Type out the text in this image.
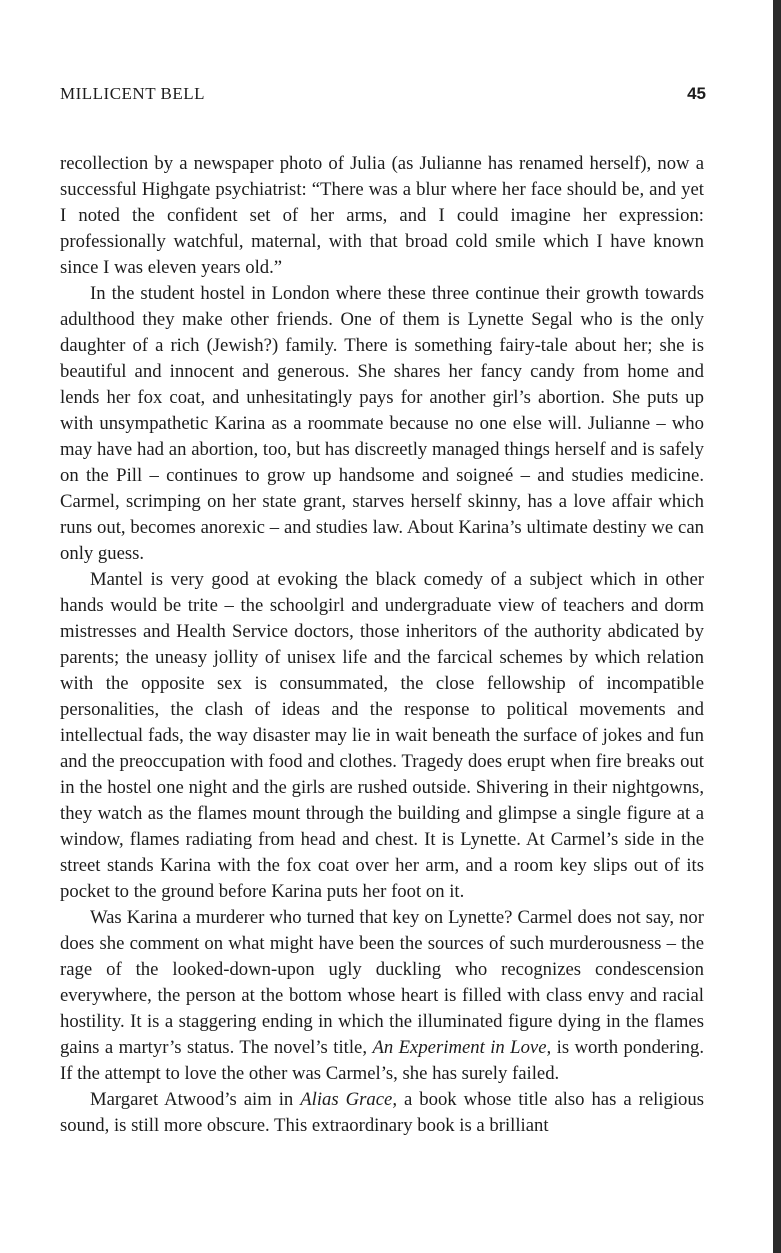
MILLICENT BELL	45

recollection by a newspaper photo of Julia (as Julianne has renamed herself), now a successful Highgate psychiatrist: “There was a blur where her face should be, and yet I noted the confident set of her arms, and I could imagine her expression: professionally watchful, maternal, with that broad cold smile which I have known since I was eleven years old.”

In the student hostel in London where these three continue their growth towards adulthood they make other friends. One of them is Lynette Segal who is the only daughter of a rich (Jewish?) family. There is something fairy-tale about her; she is beautiful and innocent and generous. She shares her fancy candy from home and lends her fox coat, and unhesitatingly pays for another girl’s abortion. She puts up with unsympathetic Karina as a roommate because no one else will. Julianne – who may have had an abortion, too, but has discreetly managed things herself and is safely on the Pill – continues to grow up handsome and soigneé – and studies medicine. Carmel, scrimping on her state grant, starves herself skinny, has a love affair which runs out, becomes anorexic – and studies law. About Karina’s ultimate destiny we can only guess.

Mantel is very good at evoking the black comedy of a subject which in other hands would be trite – the schoolgirl and undergraduate view of teachers and dorm mistresses and Health Service doctors, those inheritors of the authority abdicated by parents; the uneasy jollity of unisex life and the farcical schemes by which relation with the opposite sex is consummated, the close fellowship of incompatible personalities, the clash of ideas and the response to political movements and intellectual fads, the way disaster may lie in wait beneath the surface of jokes and fun and the preoccupation with food and clothes. Tragedy does erupt when fire breaks out in the hostel one night and the girls are rushed outside. Shivering in their nightgowns, they watch as the flames mount through the building and glimpse a single figure at a window, flames radiating from head and chest. It is Lynette. At Carmel’s side in the street stands Karina with the fox coat over her arm, and a room key slips out of its pocket to the ground before Karina puts her foot on it.

Was Karina a murderer who turned that key on Lynette? Carmel does not say, nor does she comment on what might have been the sources of such murderousness – the rage of the looked-down-upon ugly duckling who recognizes condescension everywhere, the person at the bottom whose heart is filled with class envy and racial hostility. It is a staggering ending in which the illuminated figure dying in the flames gains a martyr’s status. The novel’s title, An Experiment in Love, is worth pondering. If the attempt to love the other was Carmel’s, she has surely failed.

Margaret Atwood’s aim in Alias Grace, a book whose title also has a religious sound, is still more obscure. This extraordinary book is a brilliant
